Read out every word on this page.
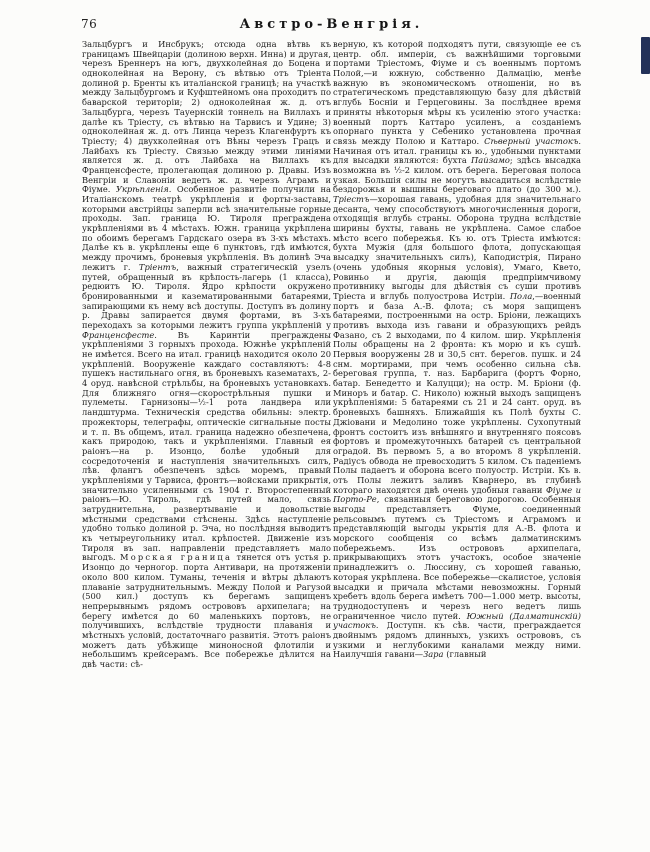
76	Австро-Венгрія.
Зальцбургъ и Инсбрукъ; отсюда одна вѣтвь къ границамъ Швейцаріи (долиною верхн. Инна) и другая, черезъ Бреннеръ на югъ, двухколейная до Боцена и одноколейная на Верону, съ вѣтвью отъ Тріента долиной р. Бренты къ италіанской границѣ; на участкѣ между Зальцбургомъ и Куфштейномъ она проходитъ по баварской територіи; 2) одноколейная ж. д. отъ Зальцбурга, черезъ Тауернскій тоннель на Виллахъ и далѣе къ Тріесту, съ вѣтвью на Тарвисъ и Удине; 3) одноколейная ж. д. отъ Линца черезъ Клагенфуртъ къ Тріесту; 4) двухколейная отъ Вѣны черезъ Грацъ и Лайбахъ къ Тріесту. Связью между этими линіями является ж. д. отъ Лайбаха на Виллахъ къ Франценсфесте, пролегающая долиною р. Дравы. Изъ Венгріи и Славоніи ведетъ ж. д. черезъ Аграмъ и Фіуме. Укрѣпленія. Особенное развитіе получили на Италіанскомъ театрѣ укрѣпленія и форты-заставы, которыми австрійцы заперли всѣ значительные горные проходы. Зап. граница Ю. Тироля преграждена укрѣпленіями въ 4 мѣстахъ. Южн. граница укрѣплена по обоимъ берегамъ Гардскаго озера въ 3-хъ мѣстахъ. Далѣе къ в. укрѣплены еще 6 пунктовъ, гдѣ имѣются, между прочимъ, броневыя укрѣпленія. Въ долинѣ Эча лежитъ г. Тріентъ, важный стратегическій узелъ путей, обращенный въ крѣпость-лагерь (1 класса), редюитъ Ю. Тироля. Ядро крѣпости окружено бронированными и казематированными батареями, запирающими къ нему всѣ доступы. Доступъ въ долину р. Дравы запирается двумя фортами, въ 3-хъ переходахъ за которыми лежитъ группа укрѣпленій у Франценсфесте. Въ Каринтіи преграждены укрѣпленіями 3 горныхъ прохода. Южнѣе укрѣпленій не имѣется. Всего на итал. границѣ находится около 20 укрѣпленій. Вооруженіе каждаго составляютъ: 4-8 пушекъ настильнаго огня, въ броневыхъ казематахъ, 2-4 оруд. навѣсной стрѣльбы, на броневыхъ установкахъ. Для ближняго огня—скорострѣльныя пушки и пулеметы. Гарнизоны—½-1 рота ландвера или ландштурма. Техническія средства обильны: электр. прожекторы, телеграфы, оптическіе сигнальные посты и т. п. Въ общемъ, итал. граница надежно обезпечена, какъ природою, такъ и укрѣпленіями. Главный ея раіонъ—на р. Изонцо, болѣе удобный для сосредоточенія и наступленія значительныхъ силъ, лѣв. флангъ обезпеченъ здѣсь моремъ, правый укрѣпленіями у Тарвиса, фронтъ—войсками прикрытія, значительно усиленными съ 1904 г. Второстепенный раіонъ—Ю. Тироль, гдѣ путей мало, связь затруднительна, развертываніе и довольствіе мѣстными средствами стѣснены. Здѣсь наступленіе удобно только долиной р. Эча, но послѣдняя выводитъ къ четыреугольнику итал. крѣпостей. Движеніе изъ Тироля въ зап. направленіи представляетъ мало выгодъ. Морская граница тянется отъ устья р. Изонцо до черногор. порта Антивари, на протяженіи около 800 килом. Туманы, теченія и вѣтры дѣлаютъ плаваніе затруднительнымъ. Между Полой и Рагузой (500 кил.) доступъ къ берегамъ защищенъ непрерывнымъ рядомъ острововъ архипелага; на берегу имѣется до 60 маленькихъ портовъ, не получившихъ, вслѣдствіе трудности плаванія и мѣстныхъ условій, достаточнаго развитія. Этотъ раіонъ можетъ дать убѣжище миноносной флотиліи и небольшимъ крейсерамъ. Все побережье дѣлится на двѣ части: сѣ-
верную, къ которой подходятъ пути, связующіе ее съ центр. обл. имперіи, съ важнѣйшими торговыми портами Тріестомъ, Фіуме и съ военнымъ портомъ Полой,—и южную, собственно Далмацію, менѣе важную въ экономическомъ отношеніи, но въ стратегическомъ представляющую базу для дѣйствій вглубь Босніи и Герцеговины. За послѣднее время приняты нѣкоторыя мѣры къ усиленію этого участка: военный портъ Каттаро усиленъ, а созданіемъ опорнаго пункта у Себенико установлена прочная связь между Полою и Каттаро. Сѣверный участокъ. Начиная отъ итал. границы къ ю., удобными пунктами для высадки являются: бухта Пайзамо; здѣсь высадка возможна въ ½-2 килом. отъ берега. Береговая полоса узкая. Большія силы не могутъ высадиться вслѣдствіе бездорожья и вышины береговаго плато (до 300 м.). Тріестъ—хорошая гавань, удобная для значительнаго десанта, чему способствуютъ многочисленныя дороги, отходящія вглубь страны. Оборона трудна вслѣдствіе ширины бухты, гавань не укрѣплена. Самое слабое мѣсто всего побережья. Къ ю. отъ Тріеста имѣются: бухта Мужія (для большого флота, допускающая высадку значительныхъ силъ), Каподистрія, Пирано (очень удобныя якорныя условія), Умаго, Квето, Ровиньо и другія, дающія предпріимчивому противнику выгоды для дѣйствія съ суши противъ Тріеста и вглубь полуострова Истріи. Пола,—военный портъ и база А.-В. флота; съ моря защищенъ батареями, построенными на остр. Бріони, лежащихъ противъ выхода изъ гавани и образующихъ рейдъ Фазано, съ 2 выходами, по 4 килом. шир. Укрѣпленія Полы обращены на 2 фронта: къ морю и къ сушѣ. Первыя вооружены 28 и 30,5 снт. берегов. пушк. и 24 снм. мортирами, при чемъ особенно сильна сѣв. береговая группа, т. наз. Барбарига (фортъ Форно, батар. Бенедетто и Калуцци); на остр. М. Бріони (ф. Миноръ и батар. С. Николо) южный выходъ защищенъ укрѣпленіями: 5 батареями съ 21 и 24 сант. оруд. въ броневыхъ башняхъ. Ближайшія къ Полѣ бухты С. Джіовани и Медолино тоже укрѣплены. Сухопутный фронтъ состоитъ изъ внѣшняго и внутренняго поясовъ фортовъ и промежуточныхъ батарей съ центральной оградой. Въ первомъ 5, а во второмъ 8 укрѣпленій. Радіусъ обвода не превосходитъ 5 килом. Съ паденіемъ Полы падаетъ и оборона всего полуостр. Истріи. Къ в. отъ Полы лежитъ заливъ Кварнеро, въ глубинѣ котораго находятся двѣ очень удобныя гавани Фіуме и Порто-Ре, связанныя береговою дорогою. Особенныя выгоды представляетъ Фіуме, соединенный рельсовымъ путемъ съ Тріестомъ и Аграмомъ и представляющій выгоды укрытія для А.-В. флота и морского сообщенія со всѣмъ далматинскимъ побережьемъ. Изъ острововъ архипелага, прикрывающихъ этотъ участокъ, особое значеніе принадлежитъ о. Люссину, съ хорошей гаванью, которая укрѣплена. Все побережье—скалистое, условія высадки и причала мѣстами невозможны. Горный хребетъ вдоль берега имѣетъ 700—1.000 метр. высоты, труднодоступенъ и черезъ него ведетъ лишь ограниченное число путей. Южный (Далматинскій) участокъ. Доступн. къ сѣв. части, преграждается двойнымъ рядомъ длинныхъ, узкихъ острововъ, съ узкими и неглубокими каналами между ними. Наилучшія гавани—Зара (главный
